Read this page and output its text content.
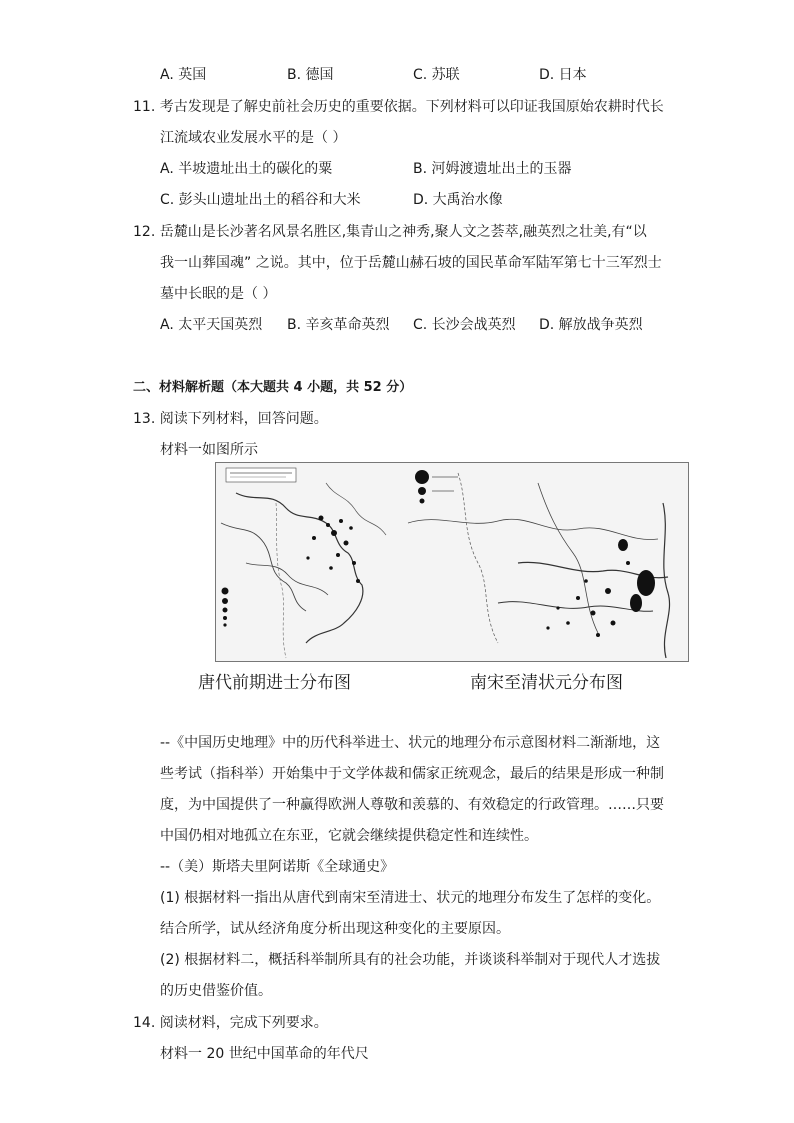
A. 英国	B. 德国	C. 苏联	D. 日本
11. 考古发现是了解史前社会历史的重要依据。下列材料可以印证我国原始农耕时代长
江流域农业发展水平的是（ ）
A. 半坡遗址出土的碳化的粟	B. 河姆渡遗址出土的玉器
C. 彭头山遗址出土的稻谷和大米	D. 大禹治水像
12. 岳麓山是长沙著名风景名胜区,集青山之神秀,聚人文之荟萃,融英烈之壮美,有“以
我一山葬国魂” 之说。其中，位于岳麓山赫石坡的国民革命军陆军第七十三军烈士
墓中长眠的是（ ）
A. 太平天国英烈 B. 辛亥革命英烈 C. 长沙会战英烈 D. 解放战争英烈
二、材料解析题（本大题共 4 小题，共 52 分）
13. 阅读下列材料，回答问题。
材料一如图所示
唐代前期进士分布图	南宋至清状元分布图
--《中国历史地理》中的历代科举进士、状元的地理分布示意图材料二渐渐地，这
些考试（指科举）开始集中于文学体裁和儒家正统观念，最后的结果是形成一种制
度，为中国提供了一种赢得欧洲人尊敬和羡慕的、有效稳定的行政管理。……只要
中国仍相对地孤立在东亚，它就会继续提供稳定性和连续性。
--（美）斯塔夫里阿诺斯《全球通史》
(1) 根据材料一指出从唐代到南宋至清进士、状元的地理分布发生了怎样的变化。
结合所学，试从经济角度分析出现这种变化的主要原因。
(2) 根据材料二，概括科举制所具有的社会功能，并谈谈科举制对于现代人才选拔
的历史借鉴价值。
14. 阅读材料，完成下列要求。
材料一 20 世纪中国革命的年代尺
